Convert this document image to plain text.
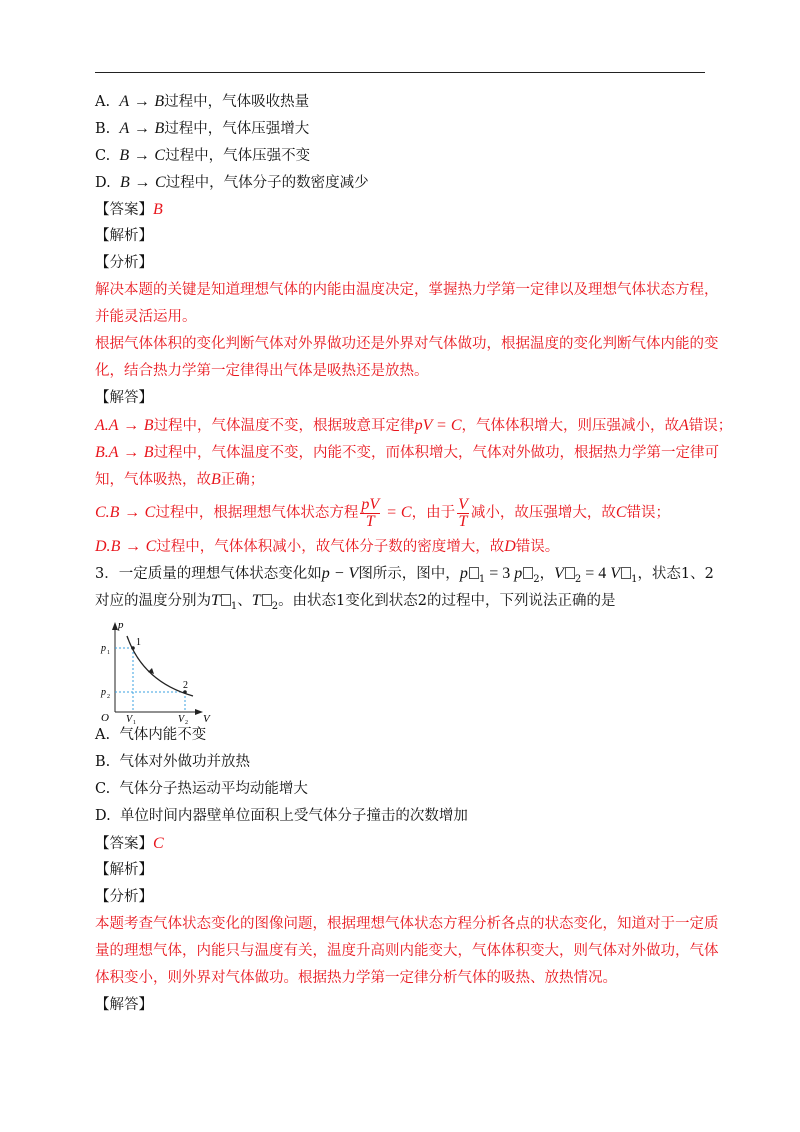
A. A → B过程中，气体吸收热量
B. A → B过程中，气体压强增大
C. B → C过程中，气体压强不变
D. B → C过程中，气体分子的数密度减少
【答案】B
【解析】
【分析】
解决本题的关键是知道理想气体的内能由温度决定，掌握热力学第一定律以及理想气体状态方程，
并能灵活运用。
根据气体体积的变化判断气体对外界做功还是外界对气体做功，根据温度的变化判断气体内能的变
化，结合热力学第一定律得出气体是吸热还是放热。
【解答】
A.A → B过程中，气体温度不变，根据玻意耳定律pV = C，气体体积增大，则压强减小，故A错误；
B.A → B过程中，气体温度不变，内能不变，而体积增大，气体对外做功，根据热力学第一定律可
知，气体吸热，故B正确；
C.B → C过程中，根据理想气体状态方程 $\frac{pV}{T} = C$，由于 $\frac{V}{T}$ 减小，故压强增大，故C错误；
D.B → C过程中，气体体积减小，故气体分子数的密度增大，故D错误。
3．一定质量的理想气体状态变化如p − V图所示，图中，p $_1$ = 3 p $_2$，V $_2$ = 4 V $_1$，状态1、2
对应的温度分别为T $_1$、T $_2$。由状态1变化到状态2的过程中，下列说法正确的是
p
V
O
p 1
p 2
V 1	V 2
1
2
A. 气体内能不变
B. 气体对外做功并放热
C. 气体分子热运动平均动能增大
D. 单位时间内器壁单位面积上受气体分子撞击的次数增加
【答案】C
【解析】
【分析】
本题考查气体状态变化的图像问题，根据理想气体状态方程分析各点的状态变化，知道对于一定质
量的理想气体，内能只与温度有关，温度升高则内能变大，气体体积变大，则气体对外做功，气体
体积变小，则外界对气体做功。根据热力学第一定律分析气体的吸热、放热情况。
【解答】
